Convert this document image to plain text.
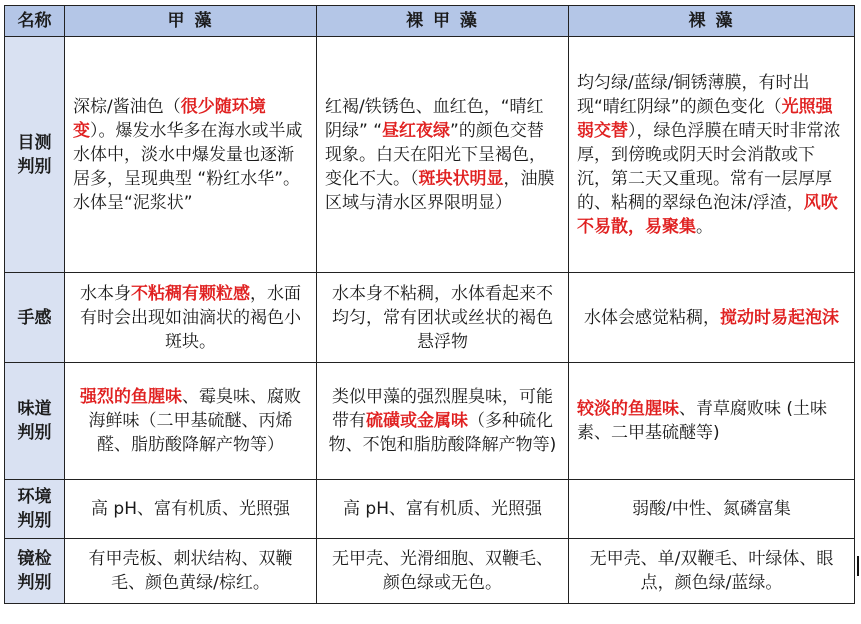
名称	甲 藻	裸 甲 藻	裸 藻
目测
判别	深棕/酱油色（很少随环境变）。爆发水华多在海水或半咸水体中，淡水中爆发量也逐渐居多，呈现典型 “粉红水华”。水体呈“泥浆状”	红褐/铁锈色、血红色，“晴红阴绿” “昼红夜绿”的颜色交替现象。白天在阳光下呈褐色，变化不大。（斑块状明显，油膜区域与清水区界限明显）	均匀绿/蓝绿/铜锈薄膜，有时出现“晴红阴绿”的颜色变化（光照强弱交替），绿色浮膜在晴天时非常浓厚，到傍晚或阴天时会消散或下沉，第二天又重现。常有一层厚厚的、粘稠的翠绿色泡沫/浮渣，风吹不易散，易聚集。
手感	水本身不粘稠有颗粒感，水面有时会出现如油滴状的褐色小斑块。	水本身不粘稠，水体看起来不均匀，常有团状或丝状的褐色悬浮物	水体会感觉粘稠，搅动时易起泡沫
味道
判别	强烈的鱼腥味、霉臭味、腐败海鲜味（二甲基硫醚、丙烯醛、脂肪酸降解产物等）	类似甲藻的强烈腥臭味，可能带有硫磺或金属味（多种硫化物、不饱和脂肪酸降解产物等)	较淡的鱼腥味、青草腐败味 (土味素、二甲基硫醚等)
环境
判别	高 pH、富有机质、光照强	高 pH、富有机质、光照强	弱酸/中性、氮磷富集
镜检
判别	有甲壳板、刺状结构、双鞭毛、颜色黄绿/棕红。	无甲壳、光滑细胞、双鞭毛、颜色绿或无色。	无甲壳、单/双鞭毛、叶绿体、眼点，颜色绿/蓝绿。
